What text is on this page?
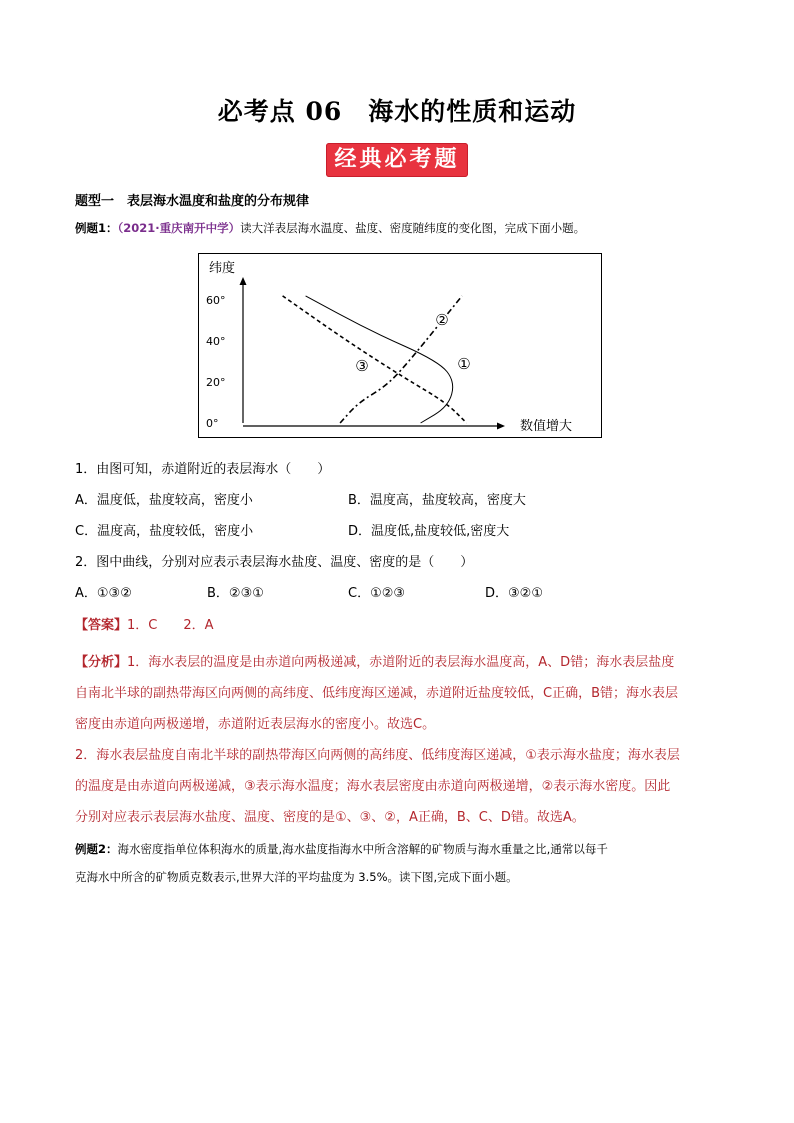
必考点 06　海水的性质和运动
经典必考题
题型一　表层海水温度和盐度的分布规律
例题1：（2021·重庆南开中学）读大洋表层海水温度、盐度、密度随纬度的变化图，完成下面小题。
纬度
数值增大
60°
40°
20°
0°
①
②
③
1．由图可知，赤道附近的表层海水（　　）
A．温度低，盐度较高，密度小	B．温度高，盐度较高，密度大
C．温度高，盐度较低，密度小	D．温度低,盐度较低,密度大
2．图中曲线，分别对应表示表层海水盐度、温度、密度的是（　　）
A．①③②	B．②③①	C．①②③	D．③②①
【答案】1．C　　2．A
【分析】1．海水表层的温度是由赤道向两极递减，赤道附近的表层海水温度高，A、D错；海水表层盐度
自南北半球的副热带海区向两侧的高纬度、低纬度海区递减，赤道附近盐度较低，C正确，B错；海水表层
密度由赤道向两极递增，赤道附近表层海水的密度小。故选C。
2．海水表层盐度自南北半球的副热带海区向两侧的高纬度、低纬度海区递减，①表示海水盐度；海水表层
的温度是由赤道向两极递减，③表示海水温度；海水表层密度由赤道向两极递增，②表示海水密度。因此
分别对应表示表层海水盐度、温度、密度的是①、③、②，A正确，B、C、D错。故选A。
例题2：海水密度指单位体积海水的质量,海水盐度指海水中所含溶解的矿物质与海水重量之比,通常以每千
克海水中所含的矿物质克数表示,世界大洋的平均盐度为 3.5%。读下图,完成下面小题。
